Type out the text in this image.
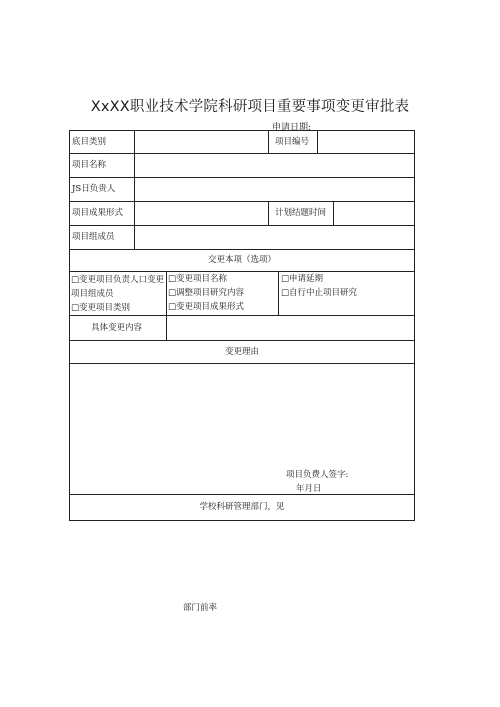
XxXX职业技术学院科研项目重要事项变更审批表
申请日期:
底目类别	项目编号
项目名称
JS日负贵人
项目成果形式	计划结题时间
项目组成员
交更本项（选项）
□变更项目负责人口变更
项目组成员
□变更项目类别
□变更项目名称
□调整项目研究内容
□变更项目成果形式
□申请延期
□自行中止项目研究
具体变更内容
变更理由
项目负费人签字:
年月日
学校科研管理部门，见
部门前率
